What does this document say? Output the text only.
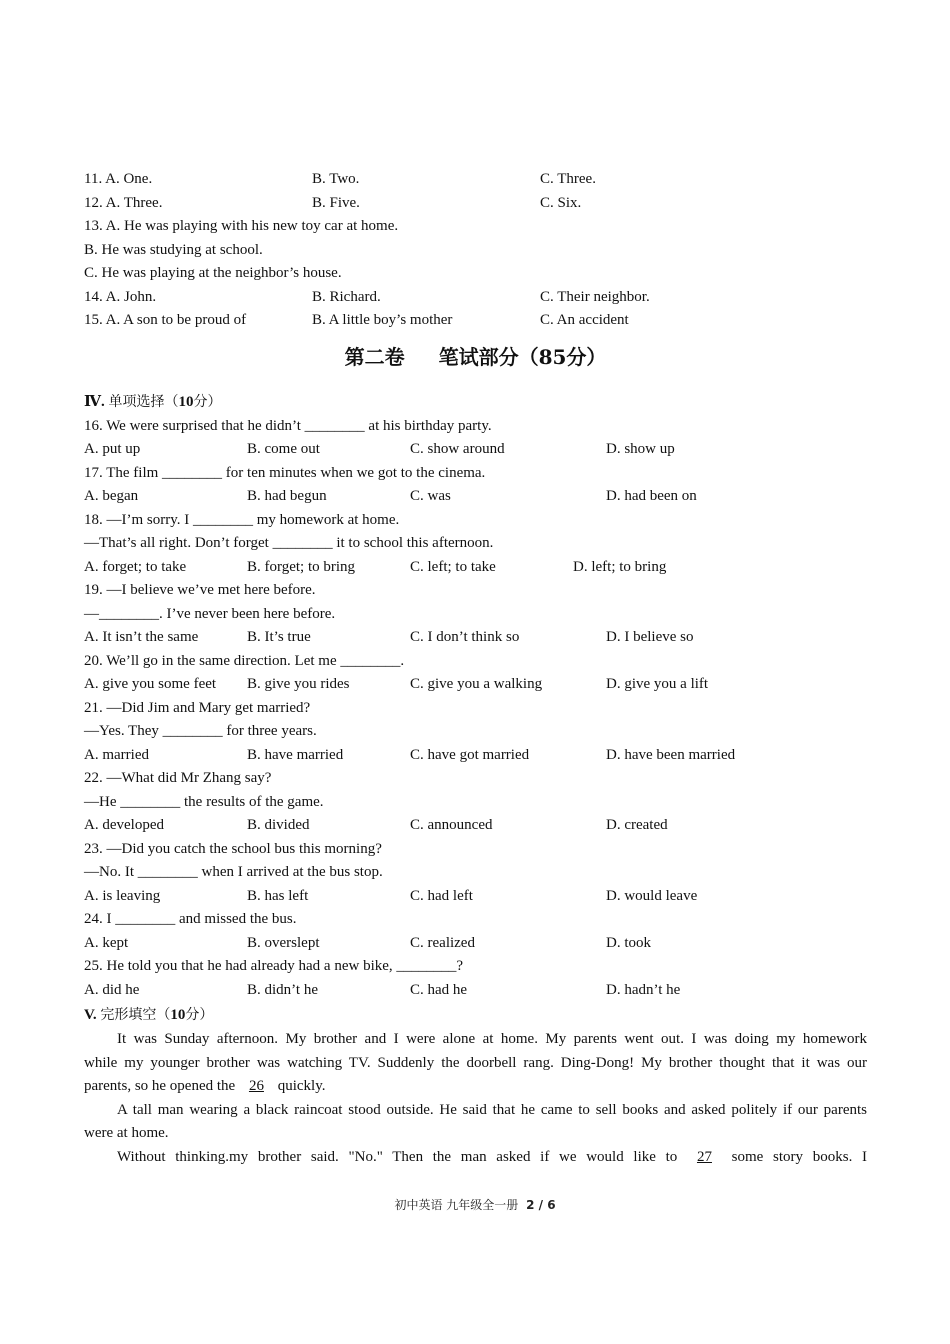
11. A. One.	B. Two.	C. Three.
12. A. Three.	B. Five.	C. Six.
13. A. He was playing with his new toy car at home.
B. He was studying at school.
C. He was playing at the neighbor’s house.
14. A. John.	B. Richard.	C. Their neighbor.
15. A. A son to be proud of	B. A little boy’s mother	C. An accident
第二卷 笔试部分（85分）
Ⅳ. 单项选择（10分）
16. We were surprised that he didn’t ________ at his birthday party.
A. put up	B. come out	C. show around	D. show up
17. The film ________ for ten minutes when we got to the cinema.
A. began	B. had begun	C. was	D. had been on
18. —I’m sorry. I ________ my homework at home.
—That’s all right. Don’t forget ________ it to school this afternoon.
A. forget; to take	B. forget; to bring	C. left; to take	D. left; to bring
19. —I believe we’ve met here before.
—________. I’ve never been here before.
A. It isn’t the same	B. It’s true	C. I don’t think so	D. I believe so
20. We’ll go in the same direction. Let me ________.
A. give you some feet B. give you rides	C. give you a walking	D. give you a lift
21. —Did Jim and Mary get married?
—Yes. They ________ for three years.
A. married	B. have married	C. have got married	D. have been married
22. —What did Mr Zhang say?
—He ________ the results of the game.
A. developed	B. divided	C. announced	D. created
23. —Did you catch the school bus this morning?
—No. It ________ when I arrived at the bus stop.
A. is leaving	B. has left	C. had left	D. would leave
24. I ________ and missed the bus.
A. kept	B. overslept	C. realized	D. took
25. He told you that he had already had a new bike, ________?
A. did he	B. didn’t he	C. had he	D. hadn’t he
V. 完形填空（10分）

It was Sunday afternoon. My brother and I were alone at home. My parents went out. I was doing my homework

while my younger brother was watching TV. Suddenly the doorbell rang. Ding-Dong! My brother thought that it was our

parents, so he opened the 26 quickly.

A tall man wearing a black raincoat stood outside. He said that he came to sell books and asked politely if our parents

were at home.

Without thinking.my brother said. "No." Then the man asked if we would like to 27 some story books. I

初中英语 九年级全一册 2 / 6
